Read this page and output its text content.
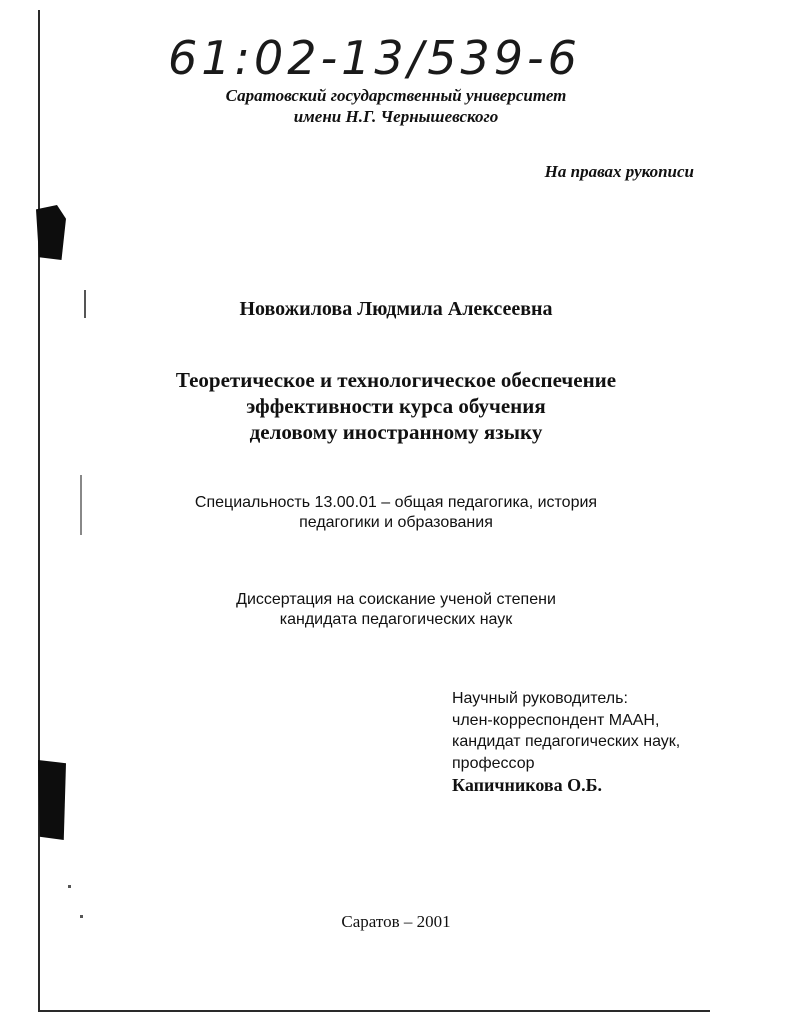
61:02-13/539-6
Саратовский государственный университет
имени Н.Г. Чернышевского
На правах рукописи
Новожилова Людмила Алексеевна
Теоретическое и технологическое обеспечение
эффективности курса обучения
деловому иностранному языку
Специальность 13.00.01 – общая педагогика, история
педагогики и образования
Диссертация на соискание ученой степени
кандидата педагогических наук
Научный руководитель:
член-корреспондент МААН,
кандидат педагогических наук,
профессор
Капичникова О.Б.
Саратов – 2001
